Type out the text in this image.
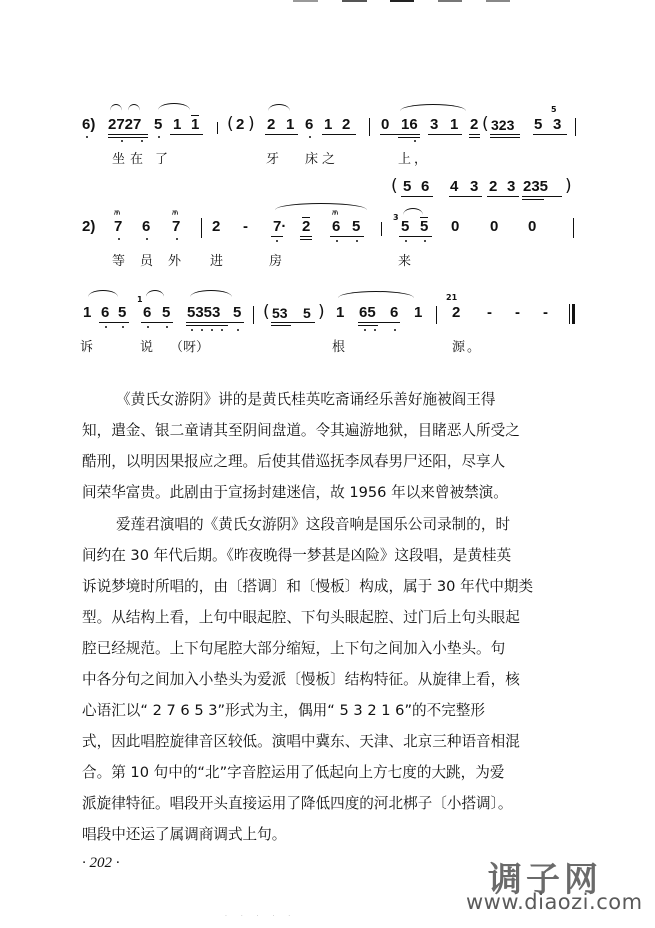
6) 2727 5 1 1 ( 2 ) 2 1 6 1 2 0 16 3 1 2 ( 323 5
5
3
坐 在 了	牙 床 之	上 ，
( 5 6 4 3 2 3 235 )
2)
ﾊﾊ
7 6
ﾊﾊ
7 2 - 7· 2
ﾊﾊ
6 5
3
5 5 0 0 0
等 员 外 进	房	来
1 6 5
1
6 5 5353 5 ( 53 5 ) 1 65 6 1
21
2 - - -
诉	说 （呀）	根	源 。
《黄氏女游阴》讲的是黄氏桂英吃斋诵经乐善好施被阎王得
知，遣金、银二童请其至阴间盘道。令其遍游地狱，目睹恶人所受之
酷刑，以明因果报应之理。后使其借巡抚李凤春男尸还阳，尽享人
间荣华富贵。此剧由于宣扬封建迷信，故 1956 年以来曾被禁演。
爱莲君演唱的《黄氏女游阴》这段音响是国乐公司录制的，时
间约在 30 年代后期。《昨夜晚得一梦甚是凶险》这段唱，是黄桂英
诉说梦境时所唱的，由〔搭调〕和〔慢板〕构成，属于 30 年代中期类
型。从结构上看，上句中眼起腔、下句头眼起腔、过门后上句头眼起
腔已经规范。上下句尾腔大部分缩短，上下句之间加入小垫头。句
中各分句之间加入小垫头为爱派〔慢板〕结构特征。从旋律上看，核
心语汇以“ 2 7 6 5 3”形式为主，偶用“ 5 3 2 1 6”的不完整形
式，因此唱腔旋律音区较低。演唱中冀东、天津、北京三种语音相混
合。第 10 句中的“北”字音腔运用了低起向上方七度的大跳，为爱
派旋律特征。唱段开头直接运用了降低四度的河北梆子〔小搭调〕。
唱段中还运了属调商调式上句。
· 202 ·	调子网
www.diaozi.com
· · · · ·
